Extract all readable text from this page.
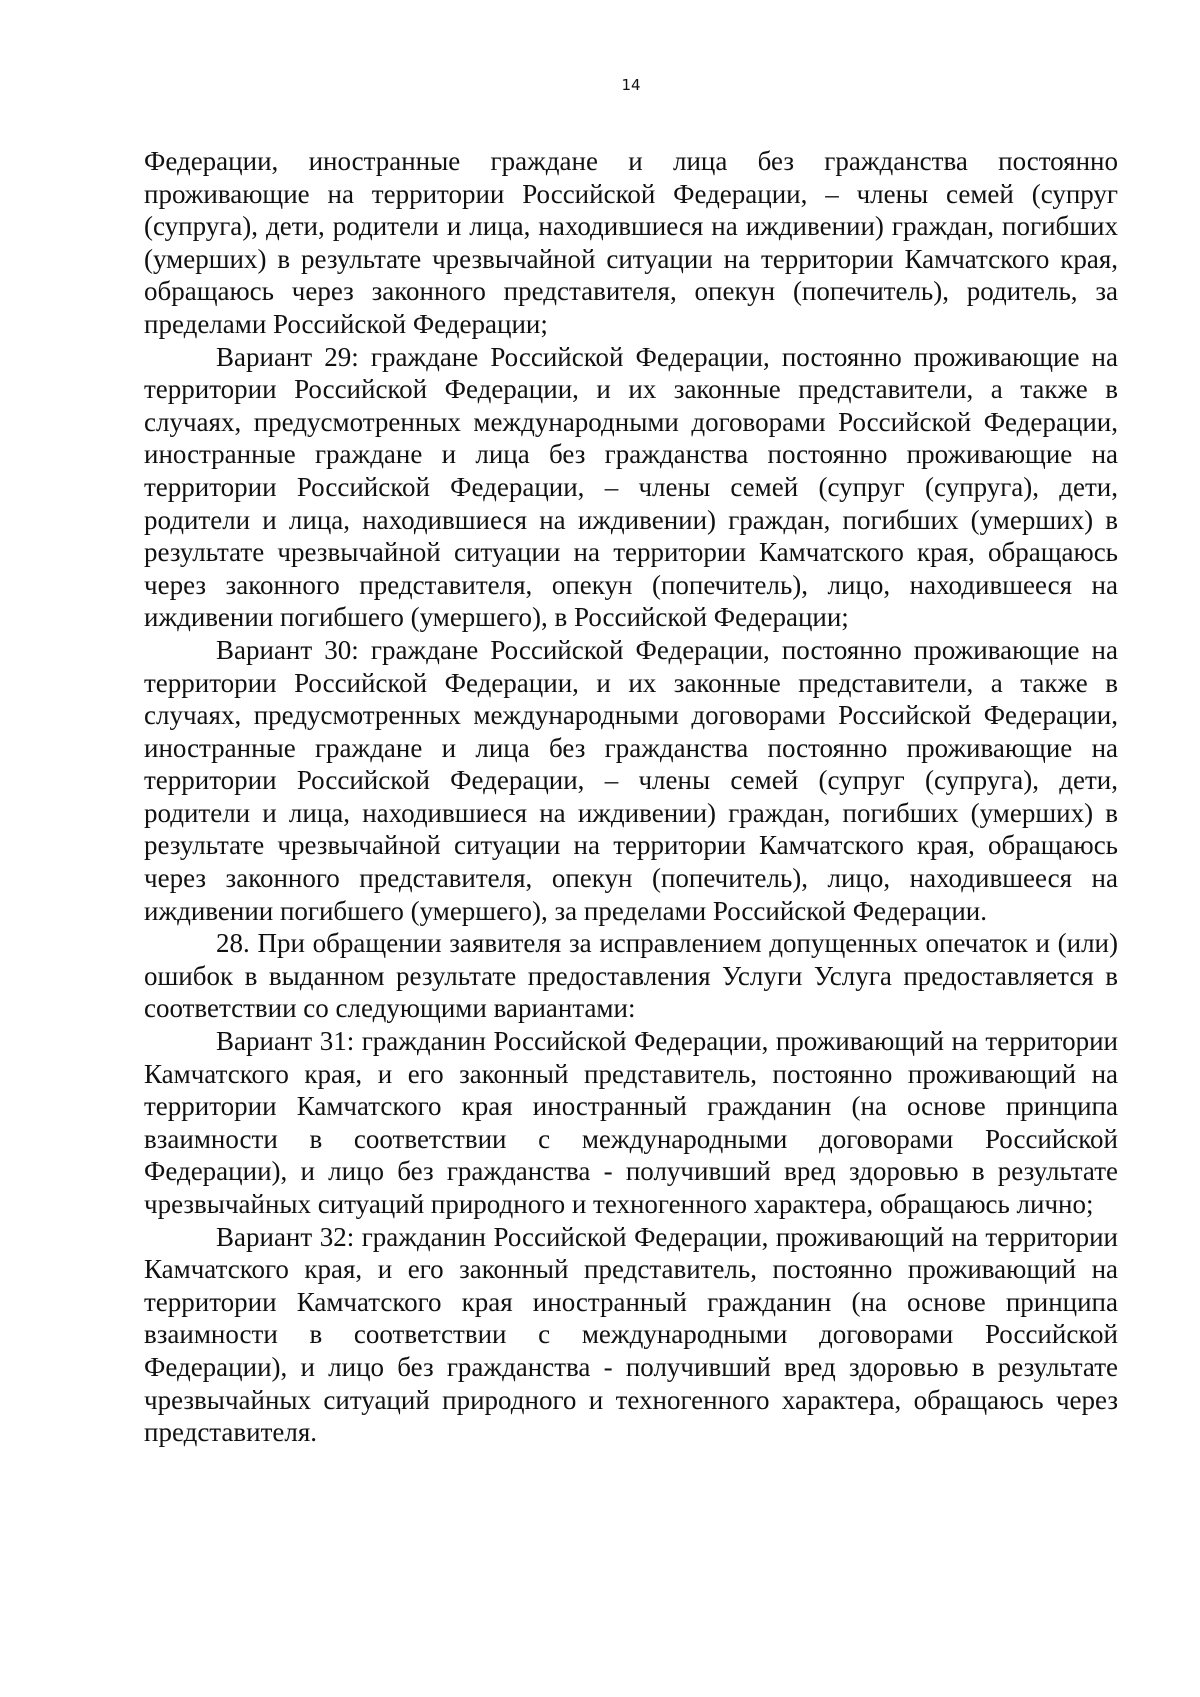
14

Федерации, иностранные граждане и лица без гражданства постоянно проживающие на территории Российской Федерации, – члены семей (супруг (супруга), дети, родители и лица, находившиеся на иждивении) граждан, погибших (умерших) в результате чрезвычайной ситуации на территории Камчатского края, обращаюсь через законного представителя, опекун (попечитель), родитель, за пределами Российской Федерации;

Вариант 29: граждане Российской Федерации, постоянно проживающие на территории Российской Федерации, и их законные представители, а также в случаях, предусмотренных международными договорами Российской Федерации, иностранные граждане и лица без гражданства постоянно проживающие на территории Российской Федерации, – члены семей (супруг (супруга), дети, родители и лица, находившиеся на иждивении) граждан, погибших (умерших) в результате чрезвычайной ситуации на территории Камчатского края, обращаюсь через законного представителя, опекун (попечитель), лицо, находившееся на иждивении погибшего (умершего), в Российской Федерации;

Вариант 30: граждане Российской Федерации, постоянно проживающие на территории Российской Федерации, и их законные представители, а также в случаях, предусмотренных международными договорами Российской Федерации, иностранные граждане и лица без гражданства постоянно проживающие на территории Российской Федерации, – члены семей (супруг (супруга), дети, родители и лица, находившиеся на иждивении) граждан, погибших (умерших) в результате чрезвычайной ситуации на территории Камчатского края, обращаюсь через законного представителя, опекун (попечитель), лицо, находившееся на иждивении погибшего (умершего), за пределами Российской Федерации.

28. При обращении заявителя за исправлением допущенных опечаток и (или) ошибок в выданном результате предоставления Услуги Услуга предоставляется в соответствии со следующими вариантами:

Вариант 31: гражданин Российской Федерации, проживающий на территории Камчатского края, и его законный представитель, постоянно проживающий на территории Камчатского края иностранный гражданин (на основе принципа взаимности в соответствии с международными договорами Российской Федерации), и лицо без гражданства - получивший вред здоровью в результате чрезвычайных ситуаций природного и техногенного характера, обращаюсь лично;

Вариант 32: гражданин Российской Федерации, проживающий на территории Камчатского края, и его законный представитель, постоянно проживающий на территории Камчатского края иностранный гражданин (на основе принципа взаимности в соответствии с международными договорами Российской Федерации), и лицо без гражданства - получивший вред здоровью в результате чрезвычайных ситуаций природного и техногенного характера, обращаюсь через представителя.
